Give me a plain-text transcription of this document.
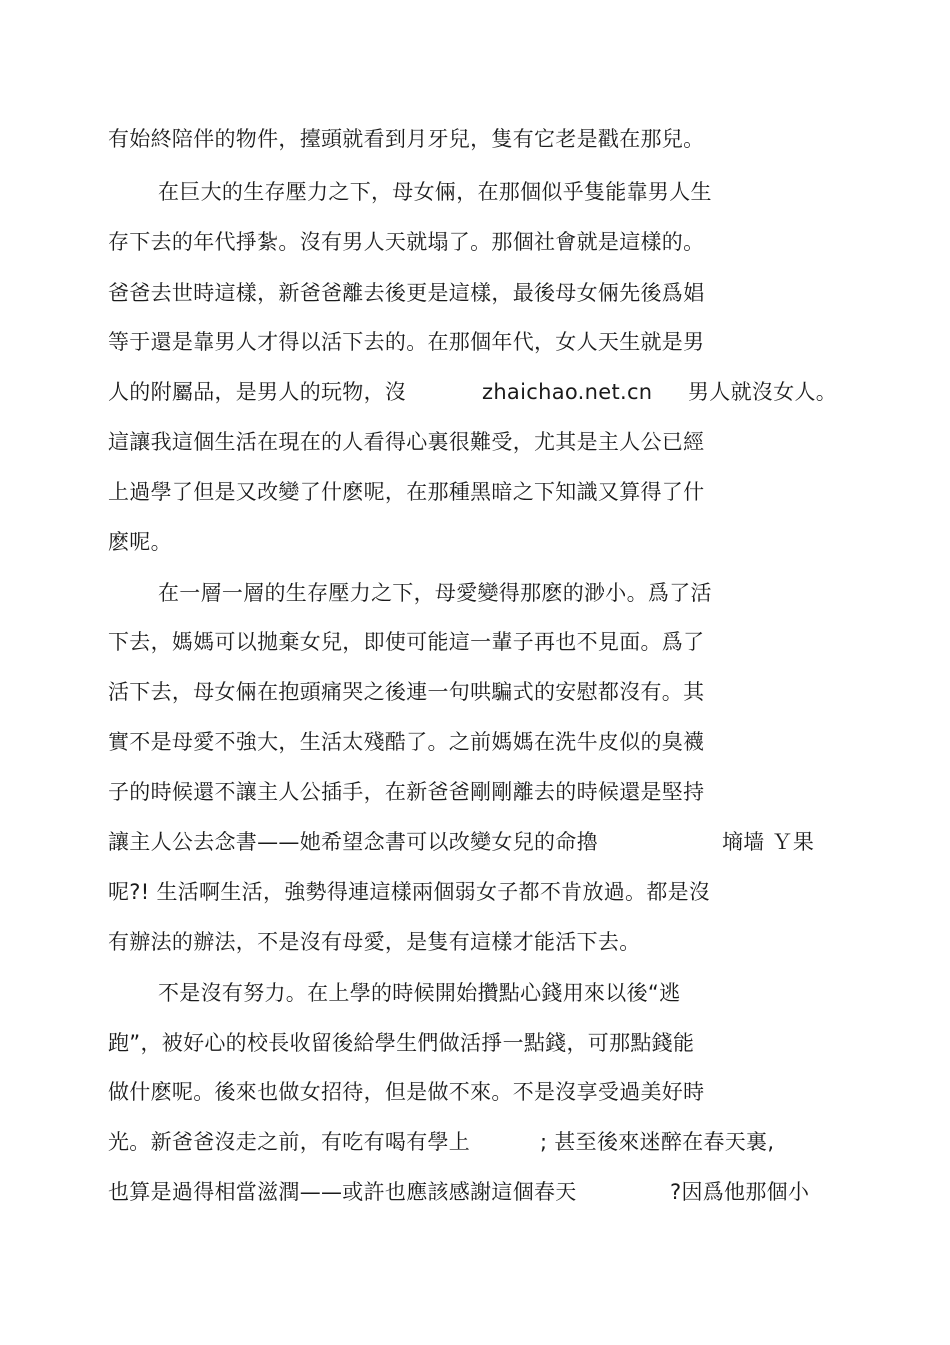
有始終陪伴的物件，擡頭就看到月牙兒，隻有它老是戳在那兒。
在巨大的生存壓力之下，母女倆，在那個似乎隻能靠男人生
存下去的年代掙紮。沒有男人天就塌了。那個社會就是這樣的。
爸爸去世時這樣，新爸爸離去後更是這樣，最後母女倆先後爲娼
等于還是靠男人才得以活下去的。在那個年代，女人天生就是男
人的附屬品，是男人的玩物，沒	zhaichao.net.cn 男人就沒女人。
這讓我這個生活在現在的人看得心裏很難受，尤其是主人公已經
上過學了但是又改變了什麽呢，在那種黑暗之下知識又算得了什
麽呢。
在一層一層的生存壓力之下，母愛變得那麽的渺小。爲了活
下去，媽媽可以拋棄女兒，即使可能這一輩子再也不見面。爲了
活下去，母女倆在抱頭痛哭之後連一句哄騙式的安慰都沒有。其
實不是母愛不強大，生活太殘酷了。之前媽媽在洗牛皮似的臭襪
子的時候還不讓主人公插手，在新爸爸剛剛離去的時候還是堅持
讓主人公去念書——她希望念書可以改變女兒的命擼	墒墙 Ｙ果
呢?! 生活啊生活，強勢得連這樣兩個弱女子都不肯放過。都是沒
有辦法的辦法，不是沒有母愛，是隻有這樣才能活下去。
不是沒有努力。在上學的時候開始攢點心錢用來以後“逃
跑”，被好心的校長收留後給學生們做活掙一點錢，可那點錢能
做什麽呢。後來也做女招待，但是做不來。不是沒享受過美好時
光。新爸爸沒走之前，有吃有喝有學上	; 甚至後來迷醉在春天裏,
也算是過得相當滋潤——或許也應該感謝這個春天	?因爲他那個小
